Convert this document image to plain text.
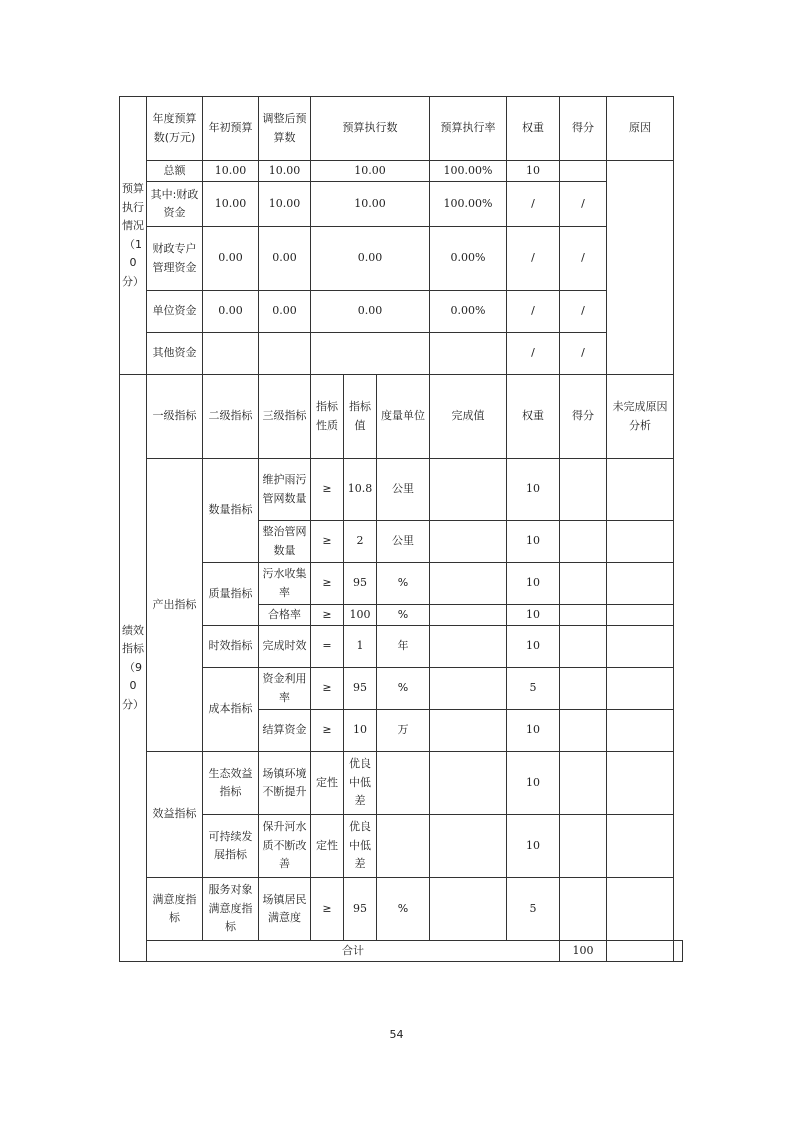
预算执行情况（10分）	年度预算数(万元)	年初预算	调整后预算数	预算执行数			预算执行率	权重	得分	原因	
	总额	10.00	10.00	10.00			100.00%	10			
	其中:财政资金	10.00	10.00	10.00			100.00%	/	/		
	财政专户管理资金	0.00	0.00	0.00			0.00%	/	/		
	单位资金	0.00	0.00	0.00			0.00%	/	/		
	其他资金							/	/		
绩效指标（90分）	一级指标	二级指标	三级指标	指标性质	指标值	度量单位	完成值	权重	得分	未完成原因分析	
	产出指标	数量指标	维护雨污管网数量	≥	10.8	公里		10			
			整治管网数量	≥	2	公里		10			
		质量指标	污水收集率	≥	95	%		10			
			合格率	≥	100	%		10			
		时效指标	完成时效	=	1	年		10			
		成本指标	资金利用率	≥	95	%		5			
			结算资金	≥	10	万		10			
	效益指标	生态效益指标	场镇环境不断提升	定性	优良中低差			10			
		可持续发展指标	保升河水质不断改善	定性	优良中低差			10			
	满意度指标	服务对象满意度指标	场镇居民满意度	≥	95	%		5			
	合计								100		
54
